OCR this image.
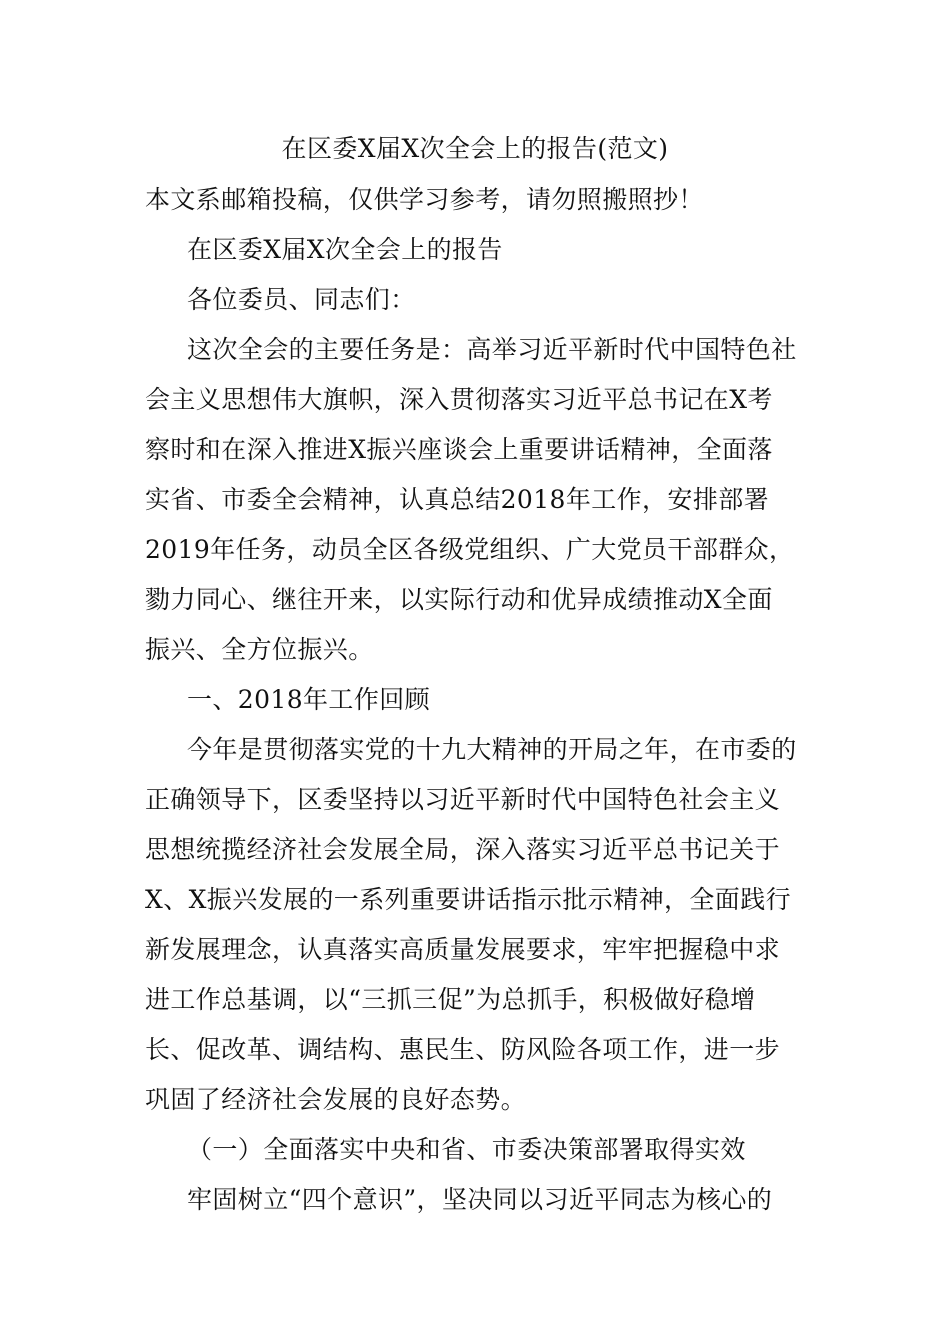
在区委X届X次全会上的报告(范文)
本文系邮箱投稿，仅供学习参考，请勿照搬照抄！
在区委X届X次全会上的报告
各位委员、同志们：
这次全会的主要任务是：高举习近平新时代中国特色社
会主义思想伟大旗帜，深入贯彻落实习近平总书记在X考
察时和在深入推进X振兴座谈会上重要讲话精神，全面落
实省、市委全会精神，认真总结2018年工作，安排部署
2019年任务，动员全区各级党组织、广大党员干部群众，
勠力同心、继往开来，以实际行动和优异成绩推动X全面
振兴、全方位振兴。
一、2018年工作回顾
今年是贯彻落实党的十九大精神的开局之年，在市委的
正确领导下，区委坚持以习近平新时代中国特色社会主义
思想统揽经济社会发展全局，深入落实习近平总书记关于
X、X振兴发展的一系列重要讲话指示批示精神，全面践行
新发展理念，认真落实高质量发展要求，牢牢把握稳中求
进工作总基调，以“三抓三促”为总抓手，积极做好稳增
长、促改革、调结构、惠民生、防风险各项工作，进一步
巩固了经济社会发展的良好态势。
（一）全面落实中央和省、市委决策部署取得实效
牢固树立“四个意识”，坚决同以习近平同志为核心的
